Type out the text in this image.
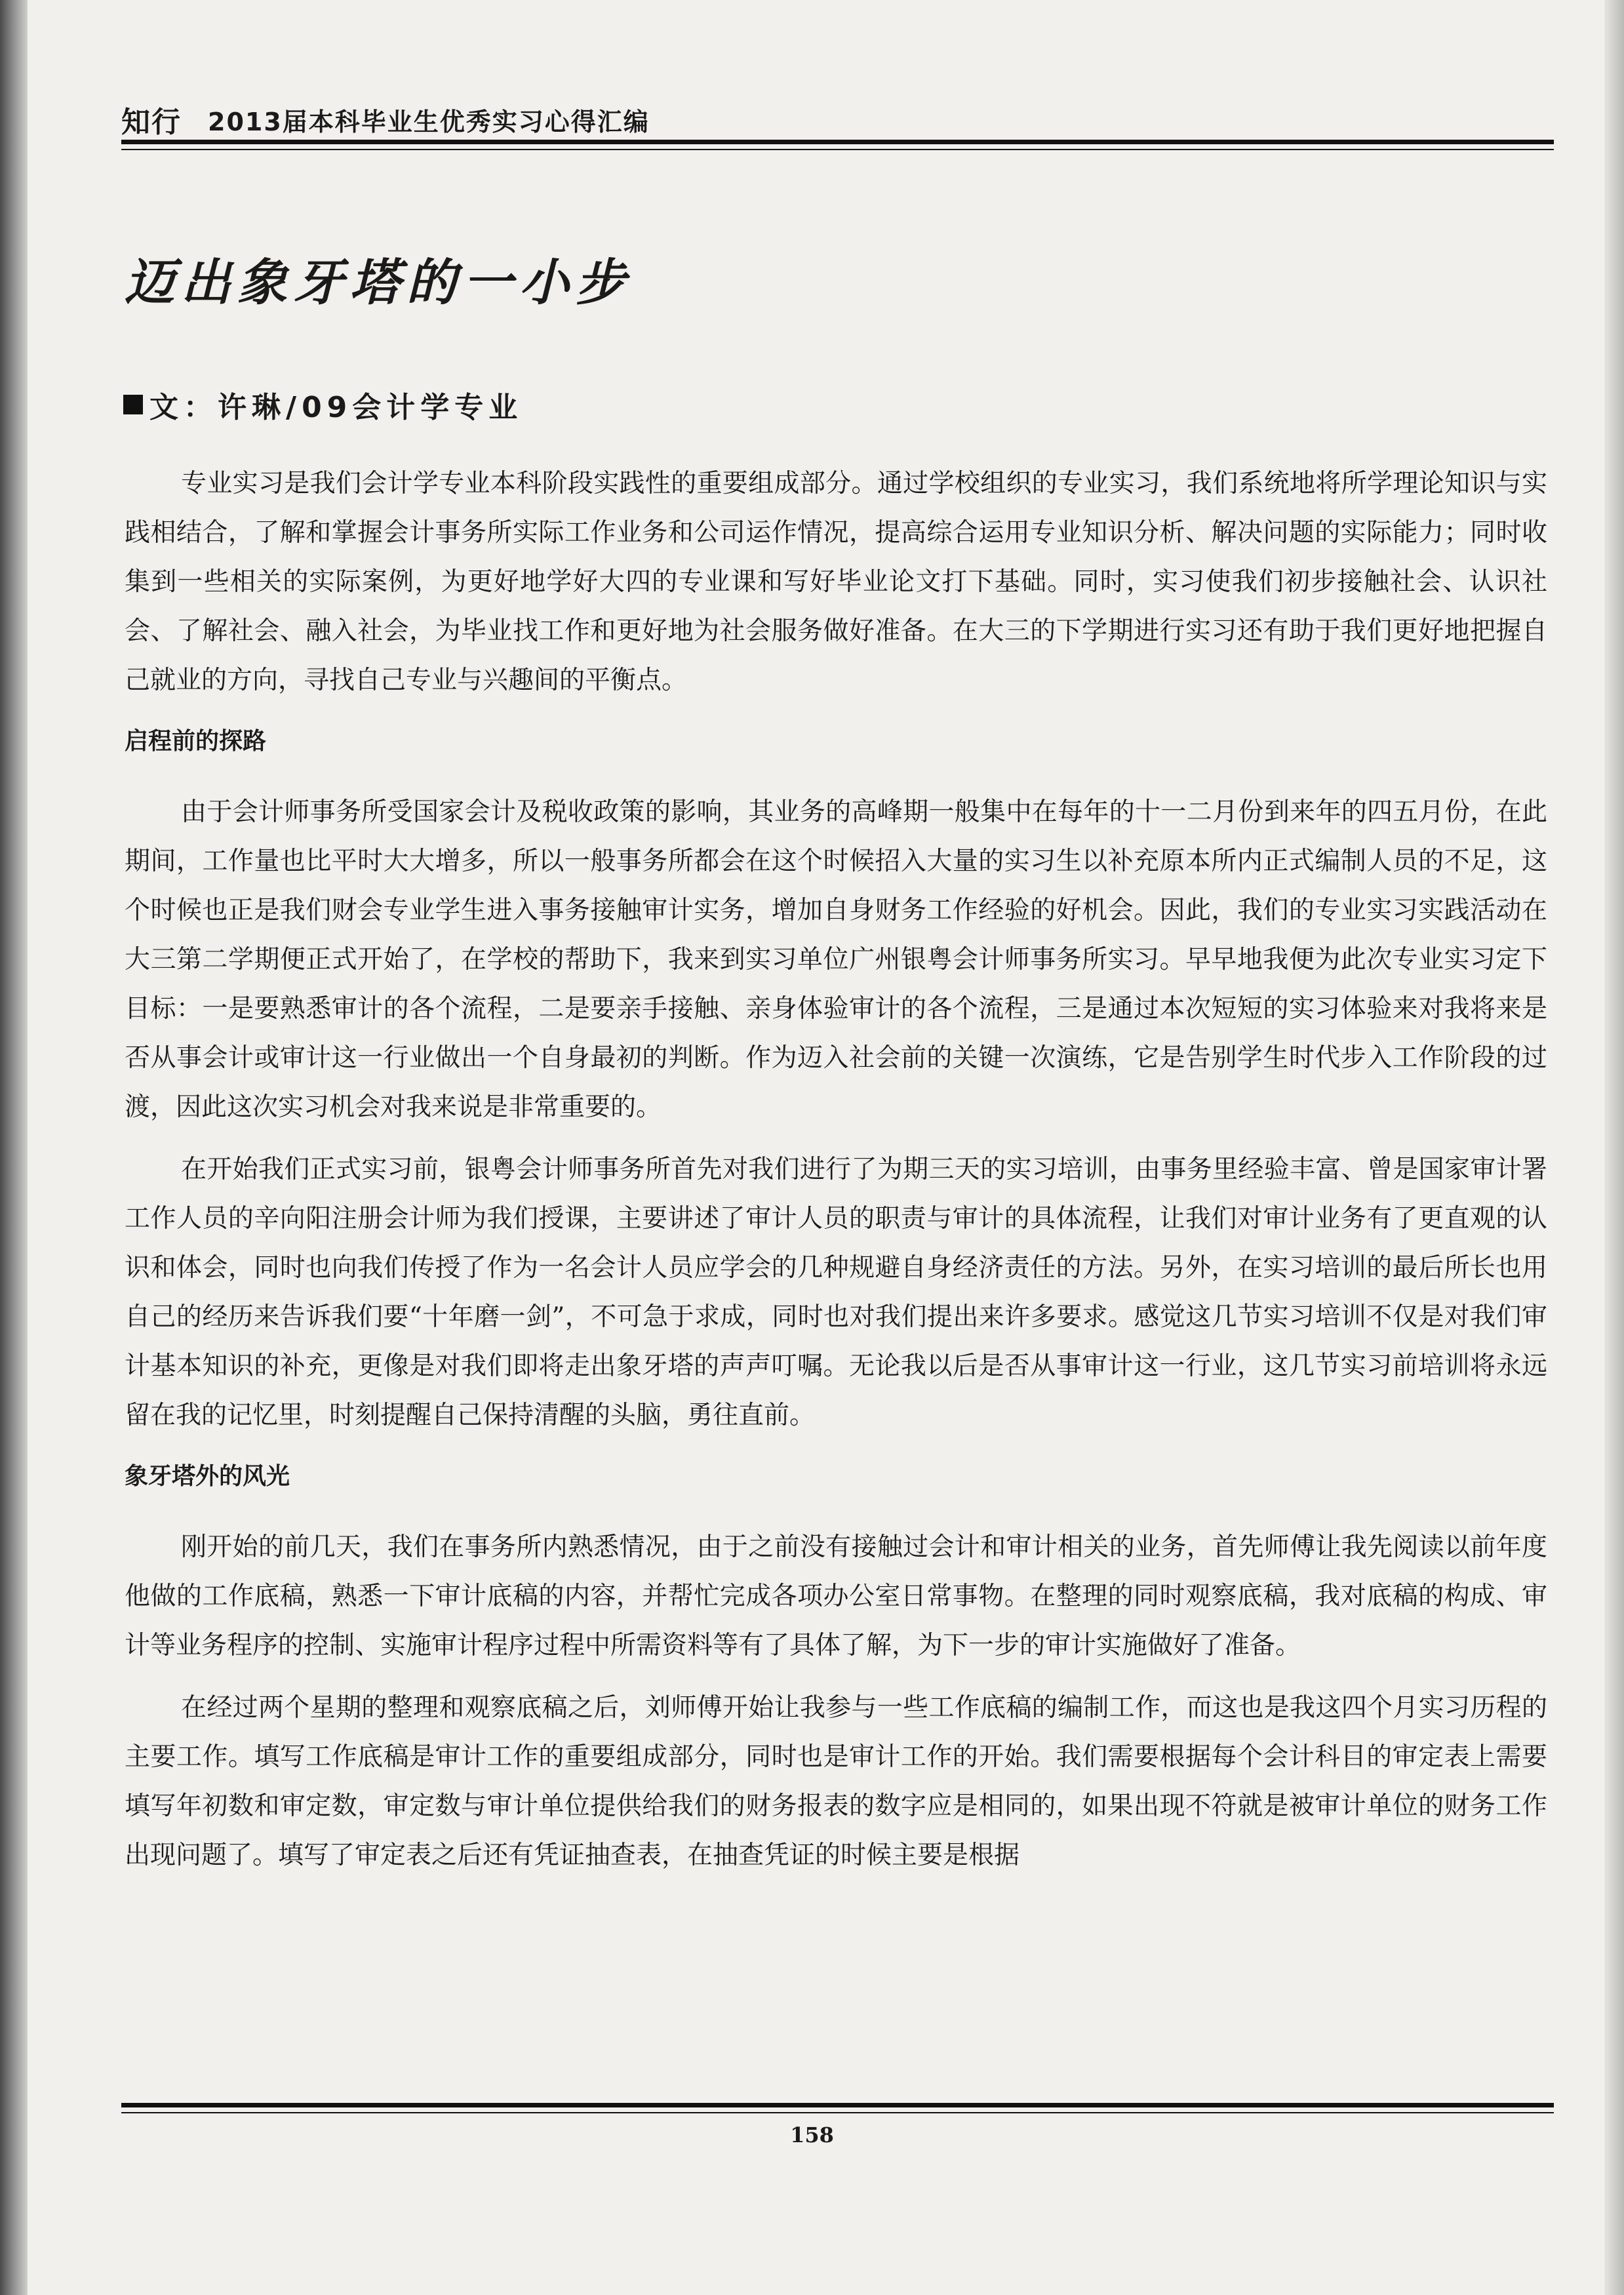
知行 2013届本科毕业生优秀实习心得汇编
迈出象牙塔的一小步
文：许琳/09会计学专业

专业实习是我们会计学专业本科阶段实践性的重要组成部分。通过学校组织的专业实习，我们系统地将所学理论知识与实践相结合，了解和掌握会计事务所实际工作业务和公司运作情况，提高综合运用专业知识分析、解决问题的实际能力；同时收集到一些相关的实际案例，为更好地学好大四的专业课和写好毕业论文打下基础。同时，实习使我们初步接触社会、认识社会、了解社会、融入社会，为毕业找工作和更好地为社会服务做好准备。在大三的下学期进行实习还有助于我们更好地把握自己就业的方向，寻找自己专业与兴趣间的平衡点。

启程前的探路

由于会计师事务所受国家会计及税收政策的影响，其业务的高峰期一般集中在每年的十一二月份到来年的四五月份，在此期间，工作量也比平时大大增多，所以一般事务所都会在这个时候招入大量的实习生以补充原本所内正式编制人员的不足，这个时候也正是我们财会专业学生进入事务接触审计实务，增加自身财务工作经验的好机会。因此，我们的专业实习实践活动在大三第二学期便正式开始了，在学校的帮助下，我来到实习单位广州银粤会计师事务所实习。早早地我便为此次专业实习定下目标：一是要熟悉审计的各个流程，二是要亲手接触、亲身体验审计的各个流程，三是通过本次短短的实习体验来对我将来是否从事会计或审计这一行业做出一个自身最初的判断。作为迈入社会前的关键一次演练，它是告别学生时代步入工作阶段的过渡，因此这次实习机会对我来说是非常重要的。

在开始我们正式实习前，银粤会计师事务所首先对我们进行了为期三天的实习培训，由事务里经验丰富、曾是国家审计署工作人员的辛向阳注册会计师为我们授课，主要讲述了审计人员的职责与审计的具体流程，让我们对审计业务有了更直观的认识和体会，同时也向我们传授了作为一名会计人员应学会的几种规避自身经济责任的方法。另外，在实习培训的最后所长也用自己的经历来告诉我们要“十年磨一剑”，不可急于求成，同时也对我们提出来许多要求。感觉这几节实习培训不仅是对我们审计基本知识的补充，更像是对我们即将走出象牙塔的声声叮嘱。无论我以后是否从事审计这一行业，这几节实习前培训将永远留在我的记忆里，时刻提醒自己保持清醒的头脑，勇往直前。

象牙塔外的风光

刚开始的前几天，我们在事务所内熟悉情况，由于之前没有接触过会计和审计相关的业务，首先师傅让我先阅读以前年度他做的工作底稿，熟悉一下审计底稿的内容，并帮忙完成各项办公室日常事物。在整理的同时观察底稿，我对底稿的构成、审计等业务程序的控制、实施审计程序过程中所需资料等有了具体了解，为下一步的审计实施做好了准备。

在经过两个星期的整理和观察底稿之后，刘师傅开始让我参与一些工作底稿的编制工作，而这也是我这四个月实习历程的主要工作。填写工作底稿是审计工作的重要组成部分，同时也是审计工作的开始。我们需要根据每个会计科目的审定表上需要填写年初数和审定数，审定数与审计单位提供给我们的财务报表的数字应是相同的，如果出现不符就是被审计单位的财务工作出现问题了。填写了审定表之后还有凭证抽查表，在抽查凭证的时候主要是根据

158
